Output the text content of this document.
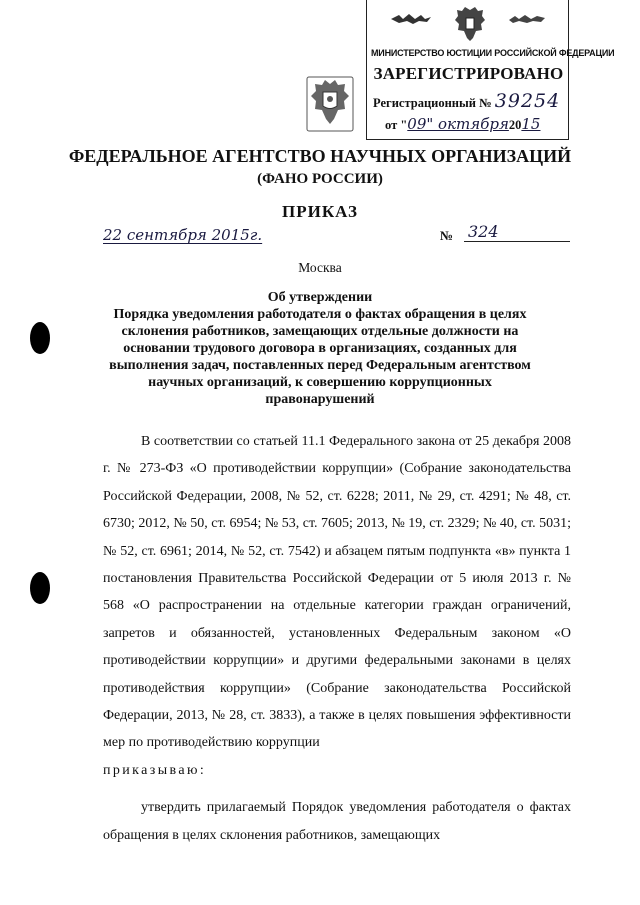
МИНИСТЕРСТВО ЮСТИЦИИ РОССИЙСКОЙ ФЕДЕРАЦИИ
ЗАРЕГИСТРИРОВАНО
Регистрационный № 39254
от "09" октября2015
ФЕДЕРАЛЬНОЕ АГЕНТСТВО НАУЧНЫХ ОРГАНИЗАЦИЙ
(ФАНО РОССИИ)
ПРИКАЗ
22 сентября 2015г.	№ 324
Москва
Об утверждении
Порядка уведомления работодателя о фактах обращения в целях склонения работников, замещающих отдельные должности на основании трудового договора в организациях, созданных для выполнения задач, поставленных перед Федеральным агентством научных организаций, к совершению коррупционных правонарушений

В соответствии со статьей 11.1 Федерального закона от 25 декабря 2008 г. № 273-ФЗ «О противодействии коррупции» (Собрание законодательства Российской Федерации, 2008, № 52, ст. 6228; 2011, № 29, ст. 4291; № 48, ст. 6730; 2012, № 50, ст. 6954; № 53, ст. 7605; 2013, № 19, ст. 2329; № 40, ст. 5031; № 52, ст. 6961; 2014, № 52, ст. 7542) и абзацем пятым подпункта «в» пункта 1 постановления Правительства Российской Федерации от 5 июля 2013 г. № 568 «О распространении на отдельные категории граждан ограничений, запретов и обязанностей, установленных Федеральным законом «О противодействии коррупции» и другими федеральными законами в целях противодействия коррупции» (Собрание законодательства Российской Федерации, 2013, № 28, ст. 3833), а также в целях повышения эффективности мер по противодействию коррупции
приказываю:

утвердить прилагаемый Порядок уведомления работодателя о фактах обращения в целях склонения работников, замещающих
